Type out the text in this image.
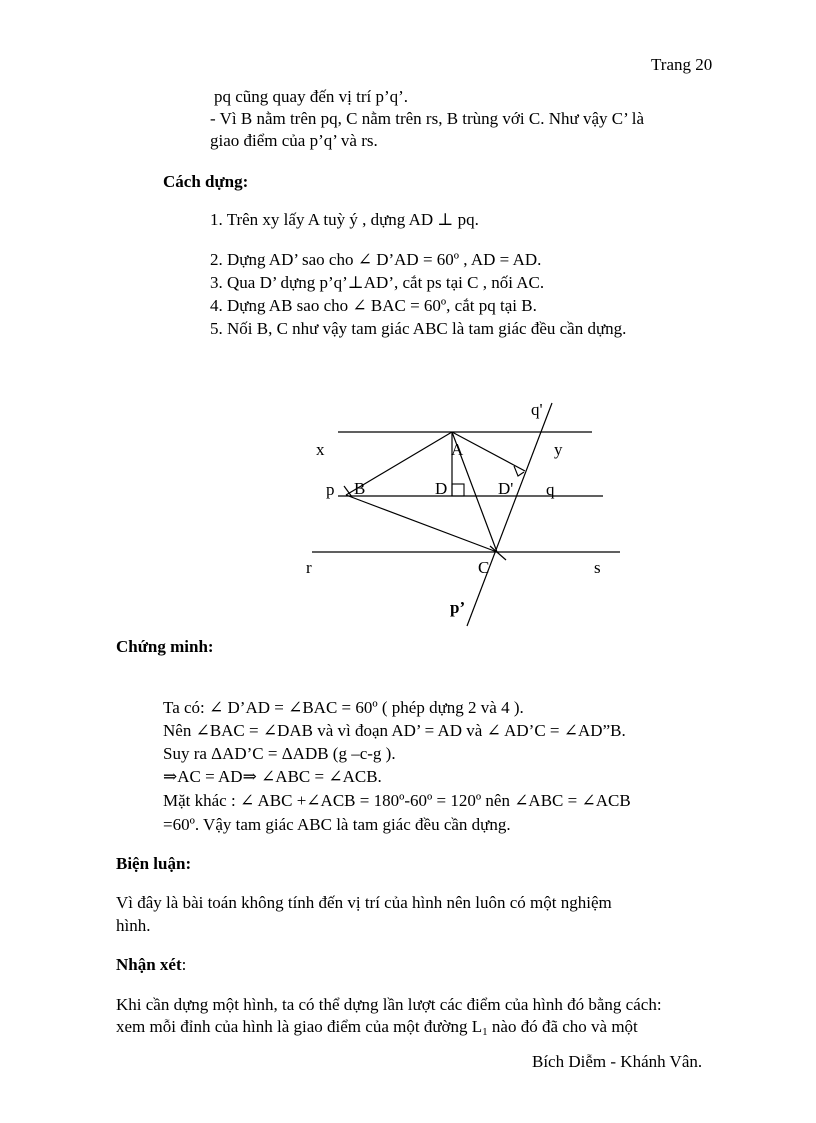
Trang 20
pq cũng quay đến vị trí p’q’.
- Vì B nằm trên pq, C nằm trên rs, B trùng với C. Như vậy C’ là
giao điểm của p’q’ và rs.
Cách dựng:
1. Trên xy lấy A tuỳ ý , dựng AD ⊥ pq.
2. Dựng AD’ sao cho ∠ D’AD = 60º , AD = AD.
3. Qua D’ dựng p’q’⊥AD’, cắt ps tại C , nối AC.
4. Dựng AB sao cho ∠ BAC = 60º, cắt pq tại B.
5. Nối B, C như vậy tam giác ABC là tam giác đều cần dựng.
q'
x	A	y
p B	D	D' q
r	C	s
p’
Chứng minh:
Ta có: ∠ D’AD = ∠BAC = 60º ( phép dựng 2 và 4 ).
Nên ∠BAC = ∠DAB và vì đoạn AD’ = AD và ∠ AD’C = ∠AD”B.
Suy ra ΔAD’C = ΔADB (g –c-g ).
⇒AC = AD⇒ ∠ABC = ∠ACB.
Mặt khác : ∠ ABC +∠ACB = 180º-60º = 120º nên ∠ABC = ∠ACB
=60º. Vậy tam giác ABC là tam giác đều cần dựng.
Biện luận:
Vì đây là bài toán không tính đến vị trí của hình nên luôn có một nghiệm
hình.
Nhận xét:
Khi cần dựng một hình, ta có thể dựng lần lượt các điểm của hình đó bằng cách:
xem mỗi đỉnh của hình là giao điểm của một đường $L_1$ nào đó đã cho và một
Bích Diễm - Khánh Vân.
